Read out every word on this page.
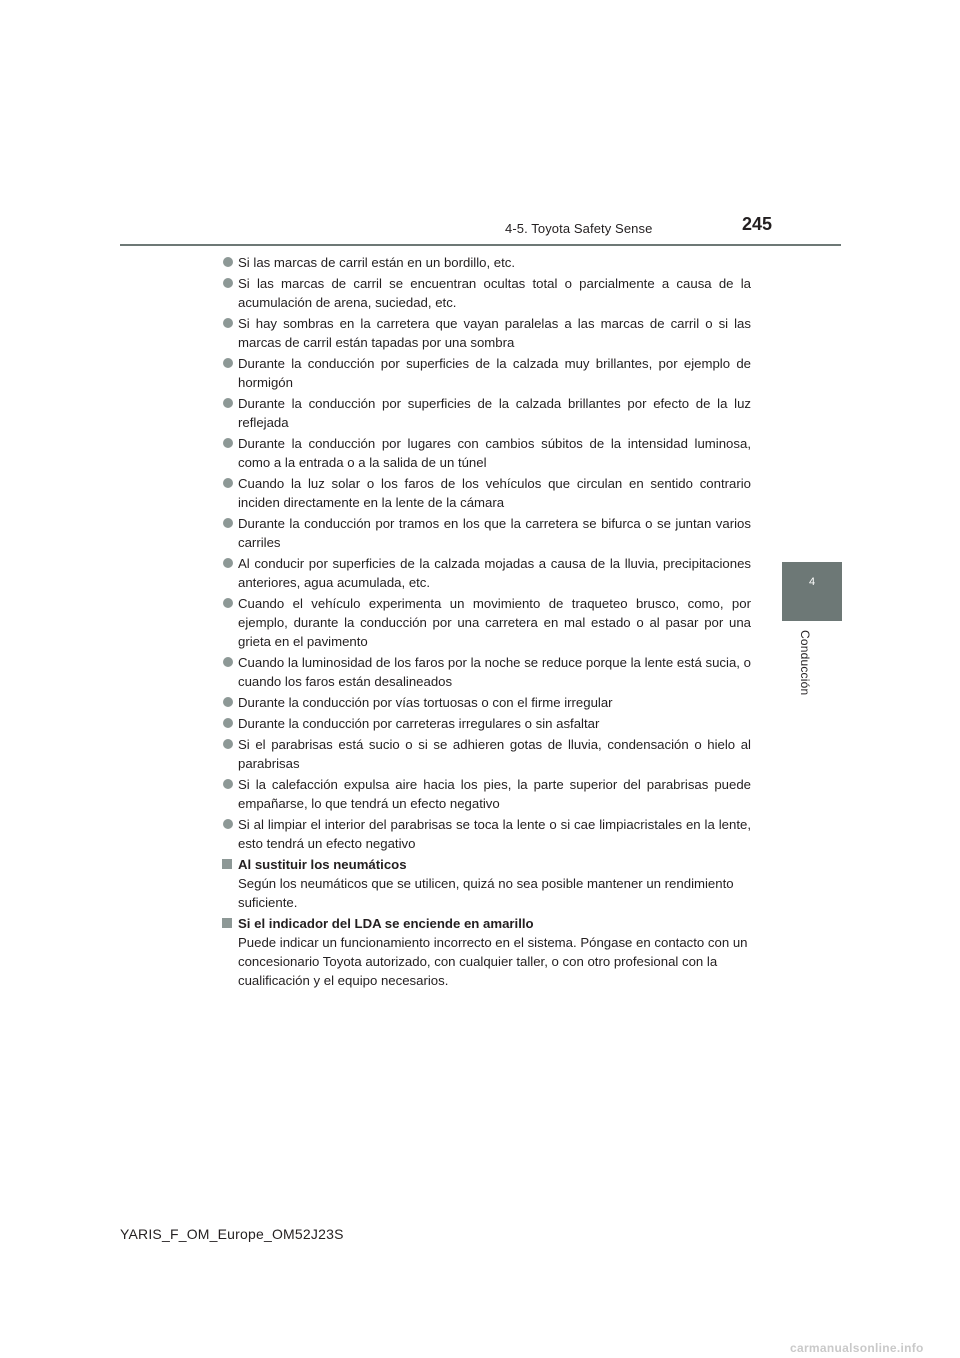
4-5. Toyota Safety Sense	245
4
Conducción
Si las marcas de carril están en un bordillo, etc.
Si las marcas de carril se encuentran ocultas total o parcialmente a causa de la acumulación de arena, suciedad, etc.
Si hay sombras en la carretera que vayan paralelas a las marcas de carril o si las marcas de carril están tapadas por una sombra
Durante la conducción por superficies de la calzada muy brillantes, por ejemplo de hormigón
Durante la conducción por superficies de la calzada brillantes por efecto de la luz reflejada
Durante la conducción por lugares con cambios súbitos de la intensidad luminosa, como a la entrada o a la salida de un túnel
Cuando la luz solar o los faros de los vehículos que circulan en sentido contrario inciden directamente en la lente de la cámara
Durante la conducción por tramos en los que la carretera se bifurca o se juntan varios carriles
Al conducir por superficies de la calzada mojadas a causa de la lluvia, precipitaciones anteriores, agua acumulada, etc.
Cuando el vehículo experimenta un movimiento de traqueteo brusco, como, por ejemplo, durante la conducción por una carretera en mal estado o al pasar por una grieta en el pavimento
Cuando la luminosidad de los faros por la noche se reduce porque la lente está sucia, o cuando los faros están desalineados
Durante la conducción por vías tortuosas o con el firme irregular
Durante la conducción por carreteras irregulares o sin asfaltar
Si el parabrisas está sucio o si se adhieren gotas de lluvia, condensación o hielo al parabrisas
Si la calefacción expulsa aire hacia los pies, la parte superior del parabrisas puede empañarse, lo que tendrá un efecto negativo
Si al limpiar el interior del parabrisas se toca la lente o si cae limpiacristales en la lente, esto tendrá un efecto negativo
Al sustituir los neumáticos
Según los neumáticos que se utilicen, quizá no sea posible mantener un rendimiento suficiente.
Si el indicador del LDA se enciende en amarillo
Puede indicar un funcionamiento incorrecto en el sistema. Póngase en contacto con un concesionario Toyota autorizado, con cualquier taller, o con otro profesional con la cualificación y el equipo necesarios.
YARIS_F_OM_Europe_OM52J23S
carmanualsonline.info
